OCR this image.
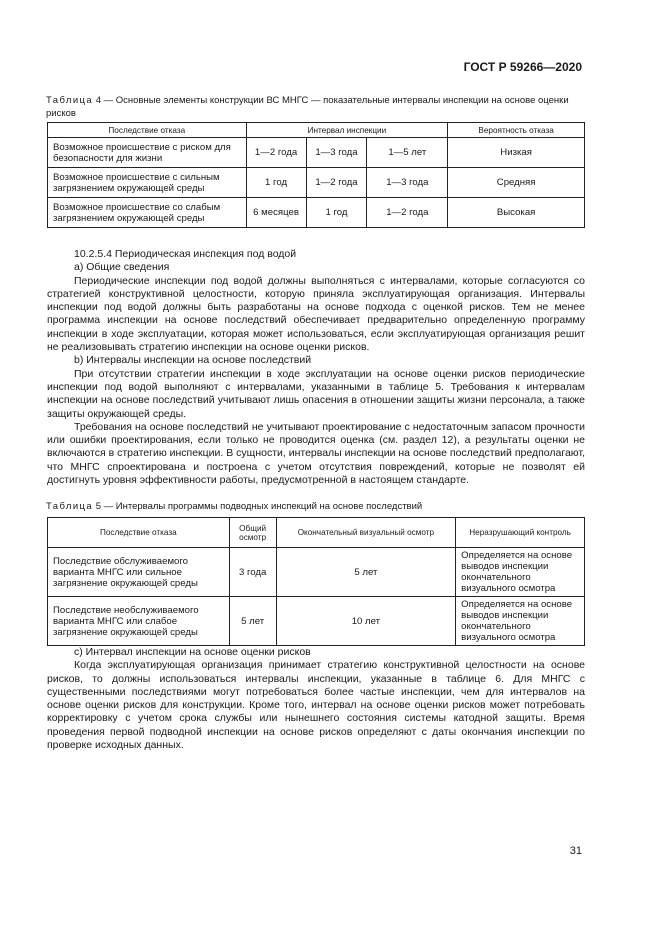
ГОСТ Р 59266—2020
Таблица 4 — Основные элементы конструкции ВС МНГС — показательные интервалы инспекции на основе оценки рисков
Последствие отказа	Интервал инспекции			Вероятность отказа
Возможное происшествие с риском для безопасности для жизни	1—2 года	1—3 года	1—5 лет	Низкая
Возможное происшествие с сильным загрязнением окружающей среды	1 год	1—2 года	1—3 года	Средняя
Возможное происшествие со слабым загрязнением окружающей среды	6 месяцев	1 год	1—2 года	Высокая

10.2.5.4 Периодическая инспекция под водой

а) Общие сведения

Периодические инспекции под водой должны выполняться с интервалами, которые согласуются со стратегией конструктивной целостности, которую приняла эксплуатирующая организация. Интервалы инспекции под водой должны быть разработаны на основе подхода с оценкой рисков. Тем не менее программа инспекции на основе последствий обеспечивает предварительно определенную программу инспекции в ходе эксплуатации, которая может использоваться, если эксплуатирующая организация решит не реализовывать стратегию инспекции на основе оценки рисков.

b) Интервалы инспекции на основе последствий

При отсутствии стратегии инспекции в ходе эксплуатации на основе оценки рисков периодические инспекции под водой выполняют с интервалами, указанными в таблице 5. Требования к интервалам инспекции на основе последствий учитывают лишь опасения в отношении защиты жизни персонала, а также защиты окружающей среды.

Требования на основе последствий не учитывают проектирование с недостаточным запасом прочности или ошибки проектирования, если только не проводится оценка (см. раздел 12), а результаты оценки не включаются в стратегию инспекции. В сущности, интервалы инспекции на основе последствий предполагают, что МНГС спроектирована и построена с учетом отсутствия повреждений, которые не позволят ей достигнуть уровня эффективности работы, предусмотренной в настоящем стандарте.

Таблица 5 — Интервалы программы подводных инспекций на основе последствий
Последствие отказа	Общий осмотр	Окончательный визуальный осмотр	Неразрушающий контроль
Последствие обслуживаемого варианта МНГС или сильное загрязнение окружающей среды	3 года	5 лет	Определяется на основе выводов инспекции окончательного визуального осмотра
Последствие необслуживаемого варианта МНГС или слабое загрязнение окружающей среды	5 лет	10 лет	Определяется на основе выводов инспекции окончательного визуального осмотра

c) Интервал инспекции на основе оценки рисков

Когда эксплуатирующая организация принимает стратегию конструктивной целостности на основе рисков, то должны использоваться интервалы инспекции, указанные в таблице 6. Для МНГС с существенными последствиями могут потребоваться более частые инспекции, чем для интервалов на основе оценки рисков для конструкции. Кроме того, интервал на основе оценки рисков может потребовать корректировку с учетом срока службы или нынешнего состояния системы катодной защиты. Время проведения первой подводной инспекции на основе рисков определяют с даты окончания инспекции по проверке исходных данных.

31
